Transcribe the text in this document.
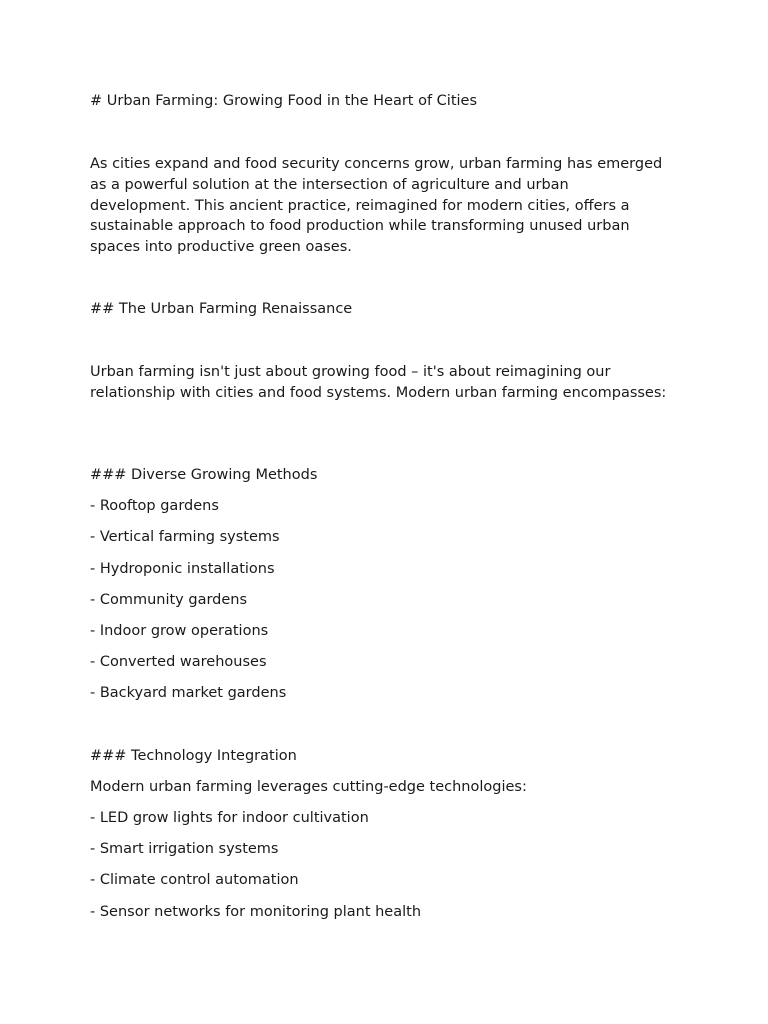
# Urban Farming: Growing Food in the Heart of Cities

As cities expand and food security concerns grow, urban farming has emerged as a powerful solution at the intersection of agriculture and urban development. This ancient practice, reimagined for modern cities, offers a sustainable approach to food production while transforming unused urban spaces into productive green oases.

## The Urban Farming Renaissance

Urban farming isn't just about growing food – it's about reimagining our relationship with cities and food systems. Modern urban farming encompasses:

### Diverse Growing Methods

- Rooftop gardens

- Vertical farming systems

- Hydroponic installations

- Community gardens

- Indoor grow operations

- Converted warehouses

- Backyard market gardens

### Technology Integration

Modern urban farming leverages cutting-edge technologies:

- LED grow lights for indoor cultivation

- Smart irrigation systems

- Climate control automation

- Sensor networks for monitoring plant health
